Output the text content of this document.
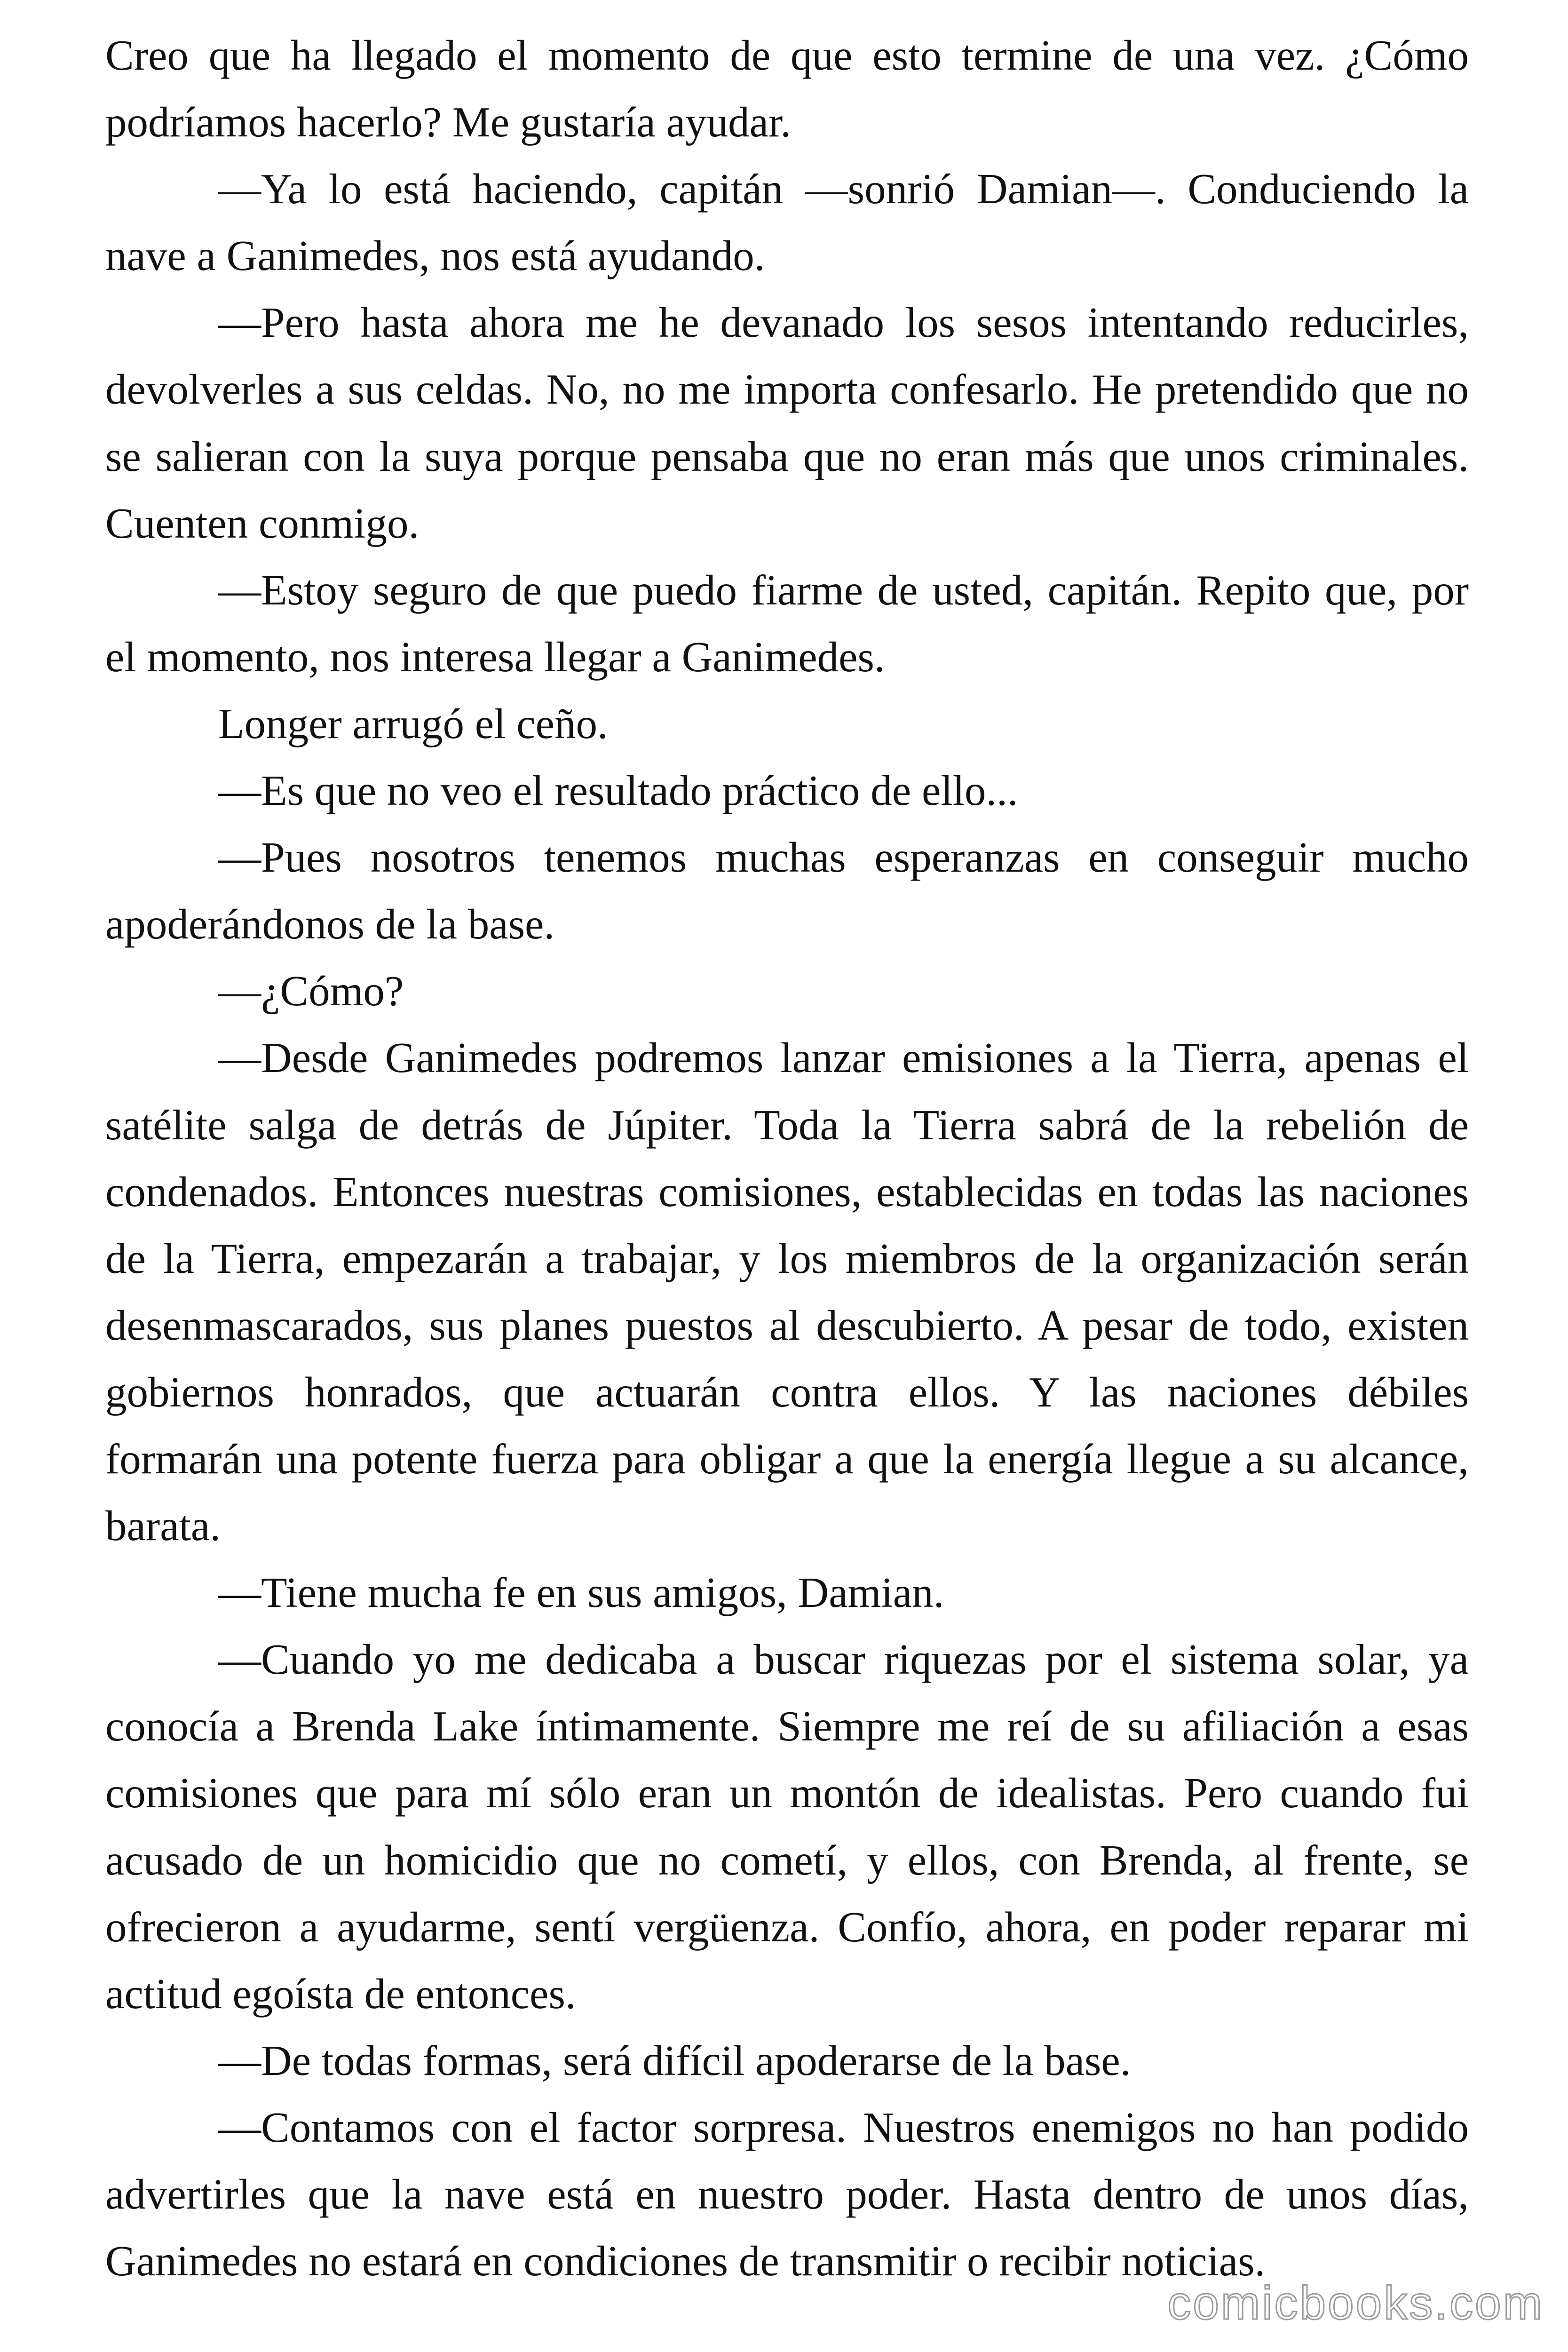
Creo que ha llegado el momento de que esto termine de una vez. ¿Cómo
podríamos hacerlo? Me gustaría ayudar.
—Ya lo está haciendo, capitán —sonrió Damian—. Conduciendo la
nave a Ganimedes, nos está ayudando.
—Pero hasta ahora me he devanado los sesos intentando reducirles,
devolverles a sus celdas. No, no me importa confesarlo. He pretendido que no
se salieran con la suya porque pensaba que no eran más que unos criminales.
Cuenten conmigo.
—Estoy seguro de que puedo fiarme de usted, capitán. Repito que, por
el momento, nos interesa llegar a Ganimedes.
Longer arrugó el ceño.
—Es que no veo el resultado práctico de ello...
—Pues nosotros tenemos muchas esperanzas en conseguir mucho
apoderándonos de la base.
—¿Cómo?
—Desde Ganimedes podremos lanzar emisiones a la Tierra, apenas el
satélite salga de detrás de Júpiter. Toda la Tierra sabrá de la rebelión de
condenados. Entonces nuestras comisiones, establecidas en todas las naciones
de la Tierra, empezarán a trabajar, y los miembros de la organización serán
desenmascarados, sus planes puestos al descubierto. A pesar de todo, existen
gobiernos honrados, que actuarán contra ellos. Y las naciones débiles
formarán una potente fuerza para obligar a que la energía llegue a su alcance,
barata.
—Tiene mucha fe en sus amigos, Damian.
—Cuando yo me dedicaba a buscar riquezas por el sistema solar, ya
conocía a Brenda Lake íntimamente. Siempre me reí de su afiliación a esas
comisiones que para mí sólo eran un montón de idealistas. Pero cuando fui
acusado de un homicidio que no cometí, y ellos, con Brenda, al frente, se
ofrecieron a ayudarme, sentí vergüenza. Confío, ahora, en poder reparar mi
actitud egoísta de entonces.
—De todas formas, será difícil apoderarse de la base.
—Contamos con el factor sorpresa. Nuestros enemigos no han podido
advertirles que la nave está en nuestro poder. Hasta dentro de unos días,
Ganimedes no estará en condiciones de transmitir o recibir noticias.
comicbooks.com
